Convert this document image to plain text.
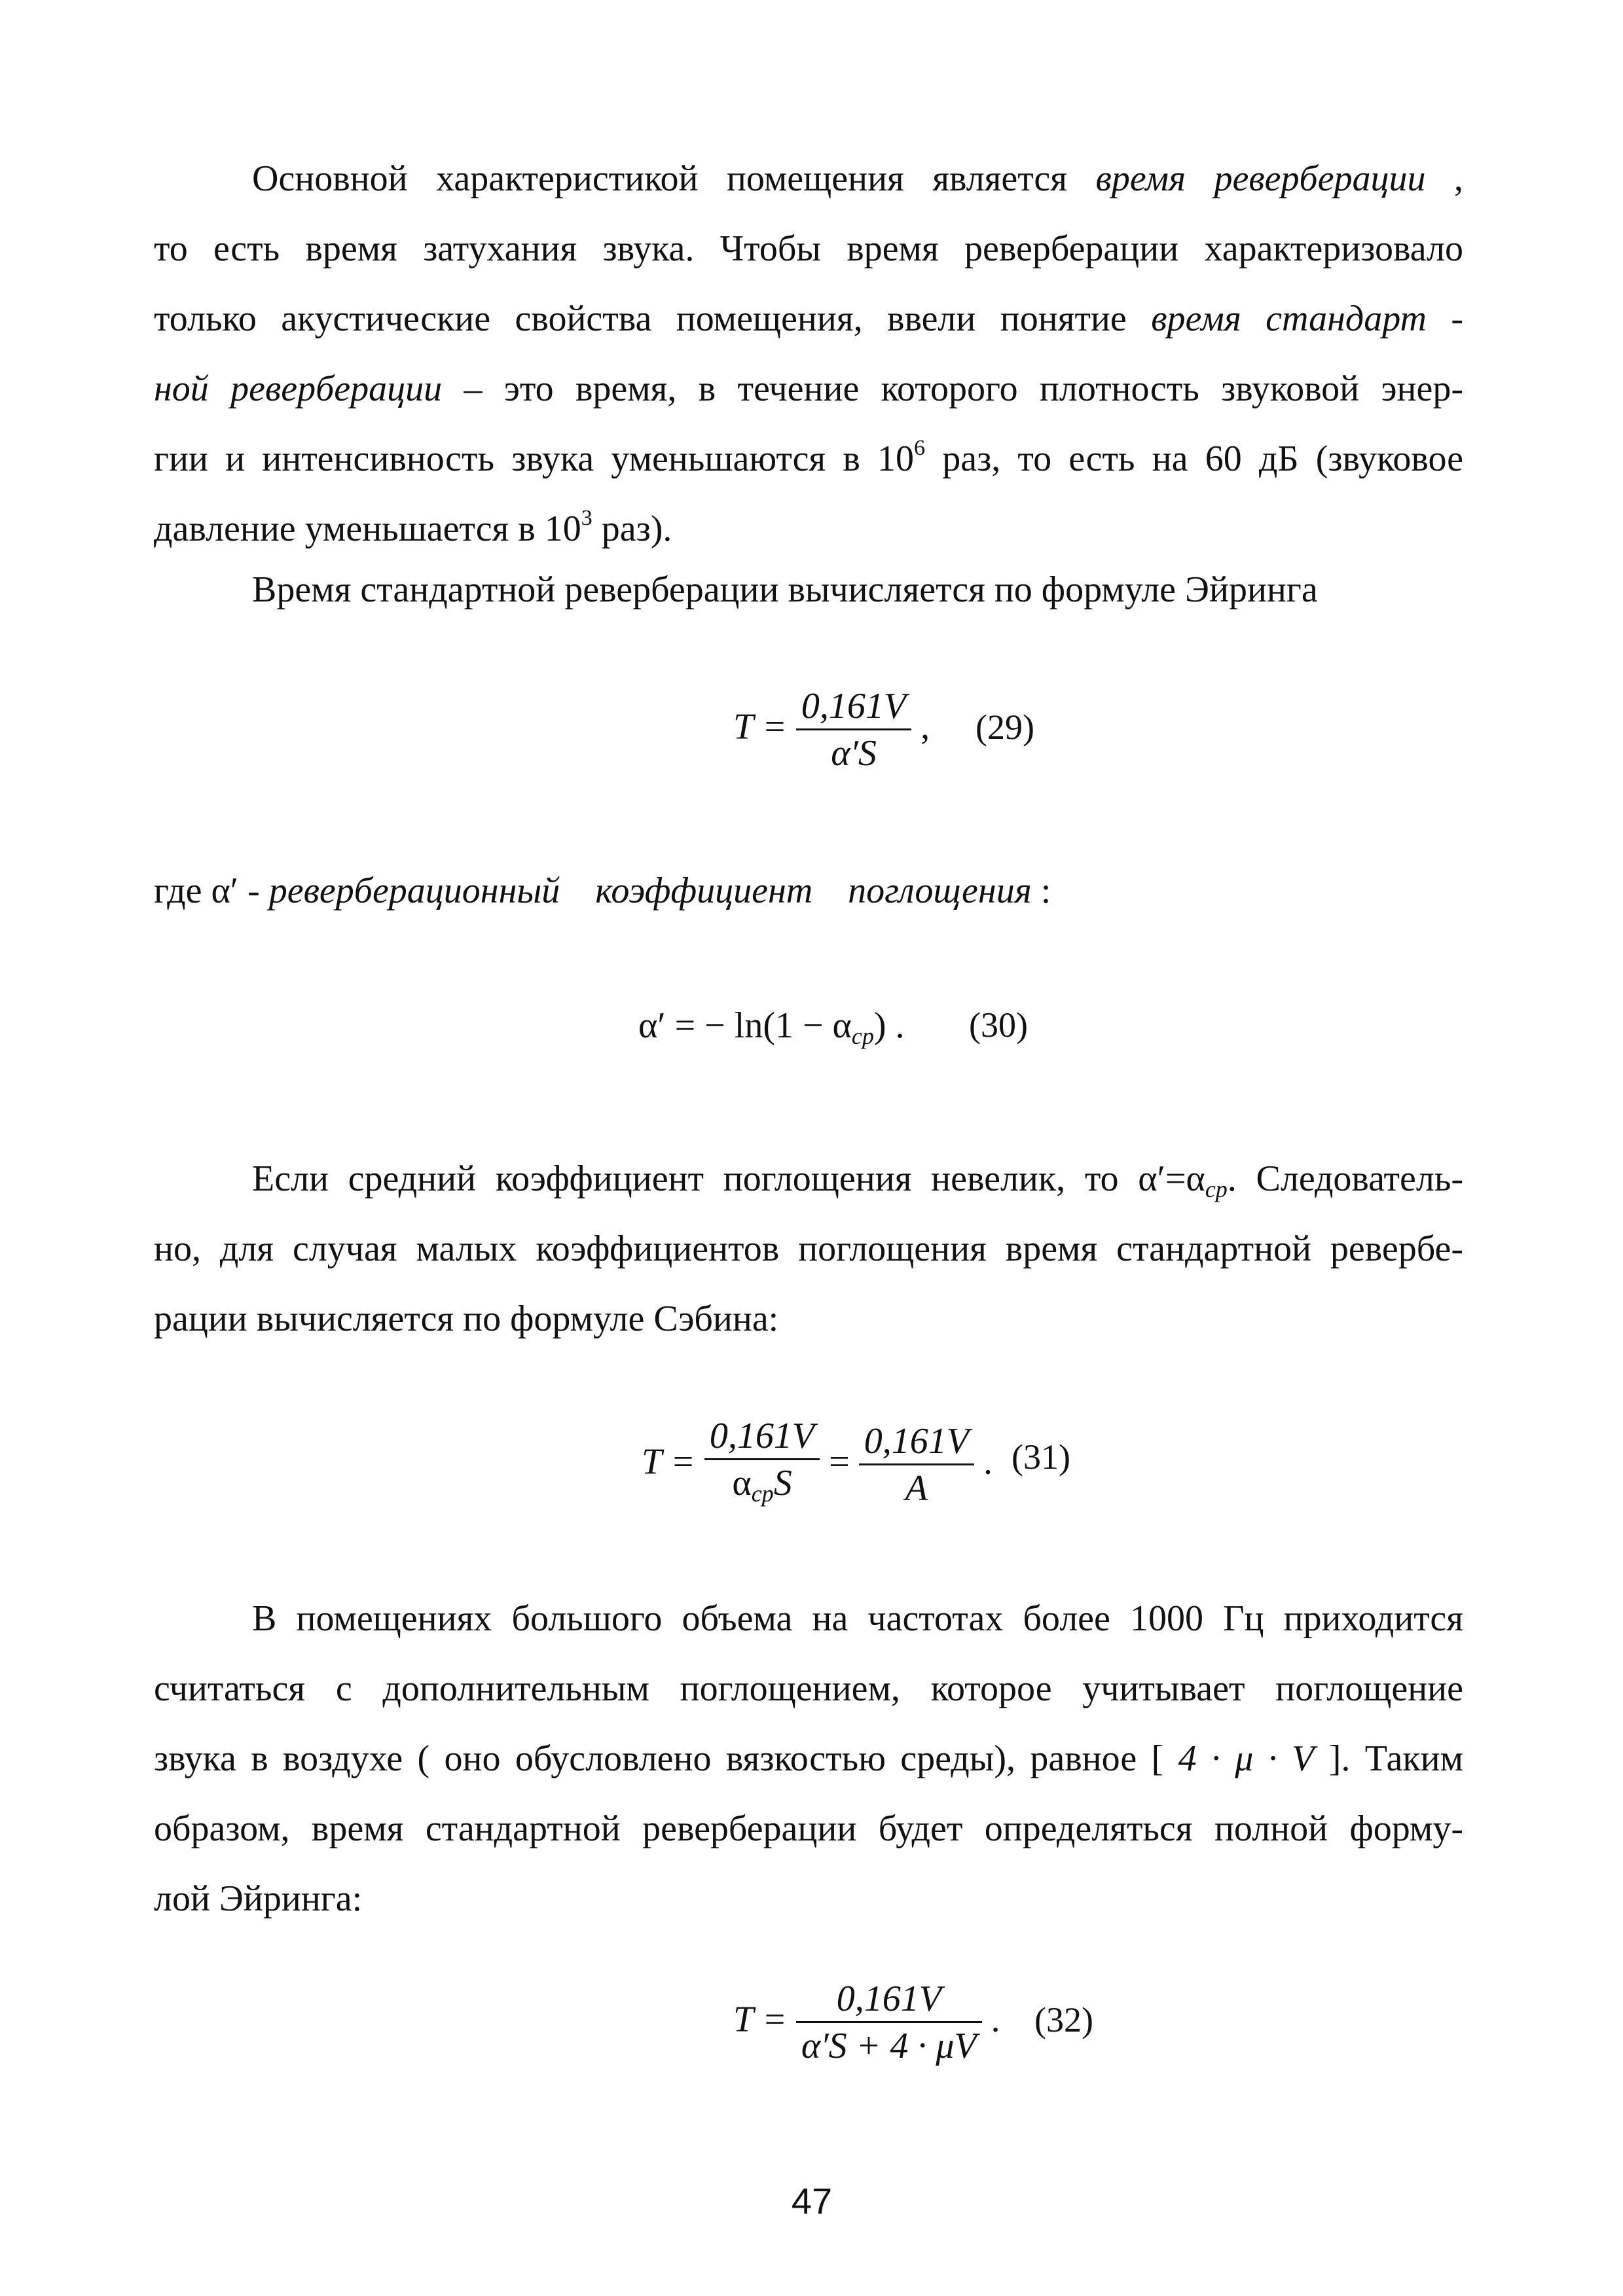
Основной характеристикой помещения является время реверберации ,
то есть время затухания звука. Чтобы время реверберации характеризовало
только акустические свойства помещения, ввели понятие время стандарт -
ной реверберации – это время, в течение которого плотность звуковой энер-
гии и интенсивность звука уменьшаются в $10^6$ раз, то есть на 60 дБ (звуковое
давление уменьшается в $10^3$ раз).
Время стандартной реверберации вычисляется по формуле Эйринга
$T = \frac{0,161V}{\alpha'S}$ , (29)
где α′ - реверберационный коэффициент поглощения :
α′ = − $\ln(1 - \alpha_{ср})$ . (30)
Если средний коэффициент поглощения невелик, то $\alpha'=\alpha_{ср}$. Следователь-
но, для случая малых коэффициентов поглощения время стандартной ревербе-
рации вычисляется по формуле Сэбина:
$T = \frac{0,161V}{\alpha_{ср}S} = \frac{0,161V}{A}$ . (31)
В помещениях большого объема на частотах более 1000 Гц приходится
считаться с дополнительным поглощением, которое учитывает поглощение
звука в воздухе ( оно обусловлено вязкостью среды), равное [ 4 · μ · V ]. Таким
образом, время стандартной реверберации будет определяться полной форму-
лой Эйринга:
$T = \frac{0,161V}{\alpha'S + 4 \cdot \mu V}$ . (32)
47
